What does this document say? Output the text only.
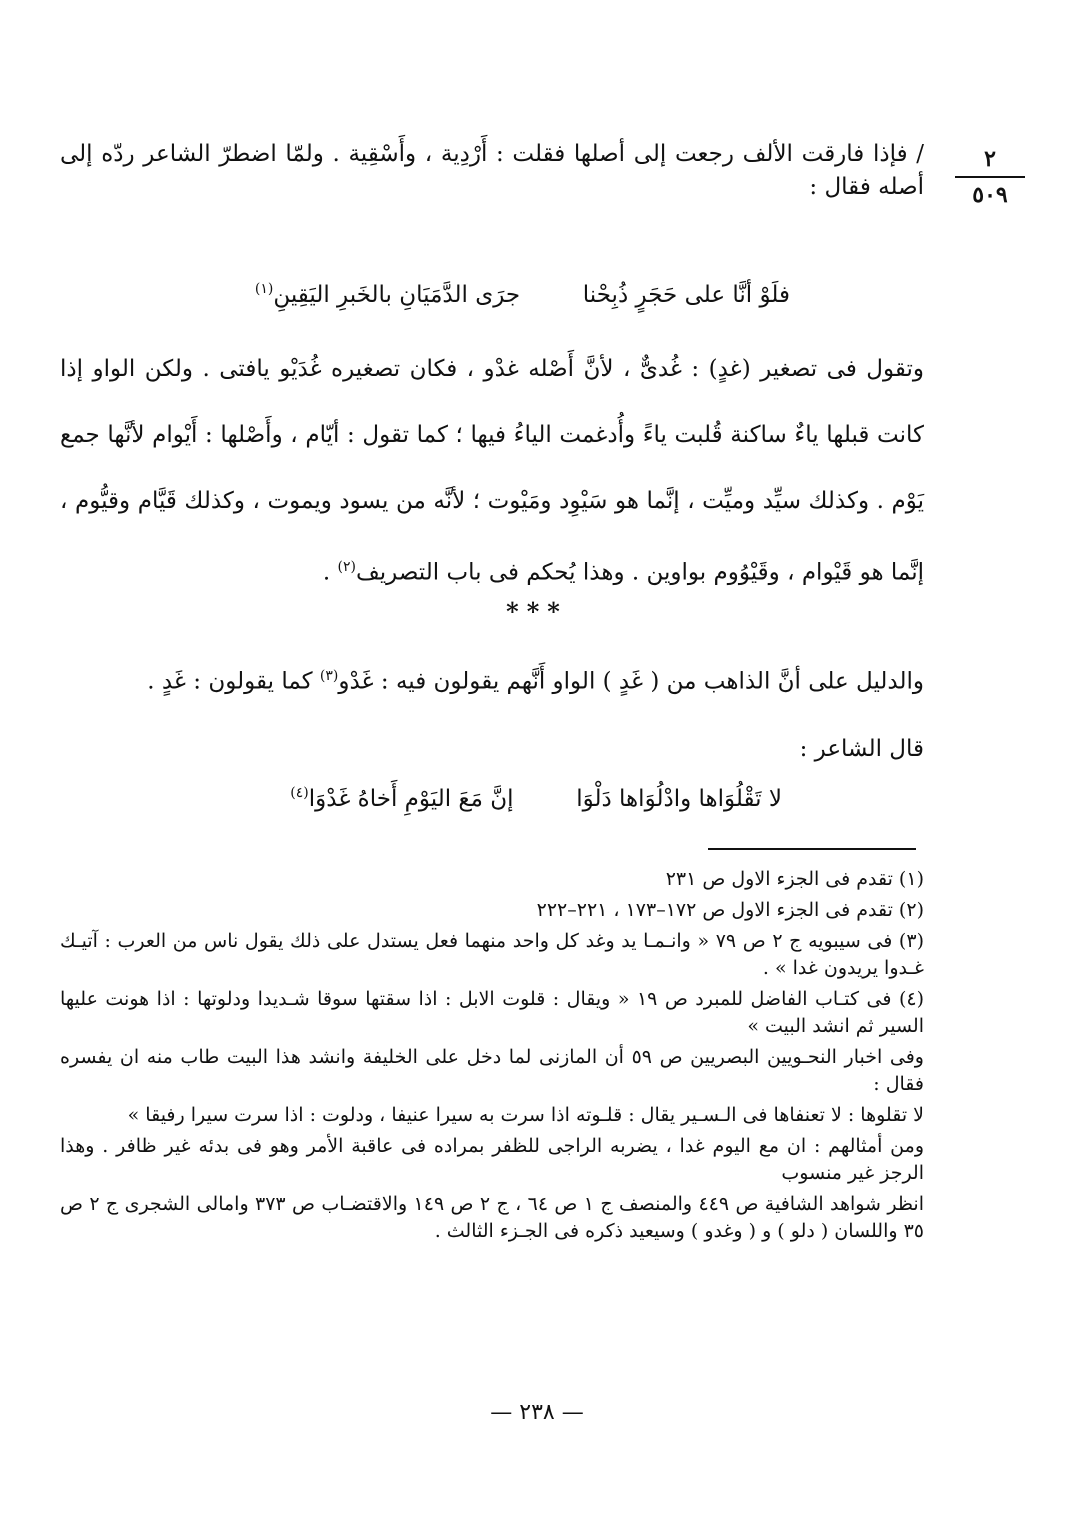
٢
٥٠٩

/ فإذا فارقت الألف رجعت إلى أصلها فقلت : أَرْدِية ، وأَسْقِية . ولمّا اضطرّ الشاعر ردّه إلى أصله فقال :

فلَوْ أنَّا على حَجَرٍ ذُبِحْنا  جرَى الدَّمَيَانِ بالخَبرِ اليَقِينِ$^{(١)}$

وتقول فى تصغير (غدٍ) : غُدىٌّ ، لأنَّ أَصْله غدْو ، فكان تصغيره غُدَيْو يافتى . ولكن الواو إذا كانت قبلها ياءٌ ساكنة قُلبت ياءً وأُدغمت الياءُ فيها ؛ كما تقول : أيّام ، وأَصْلها : أَيْوام لأنَّها جمع يَوْم . وكذلك سيِّد وميِّت ، إنَّما هو سَيْوِد ومَيْوت ؛ لأنَّه من يسود ويموت ، وكذلك قَيَّام وقيُّوم ، إنَّما هو قَيْوام ، وقَيْوُوم بواوين . وهذا يُحكم فى باب التصريف$^{(٢)}$ .

***

والدليل على أنَّ الذاهب من ( غَدٍ ) الواو أَنَّهم يقولون فيه : غَدْو$^{(٣)}$ كما يقولون : غَدٍ .

قال الشاعر :

لا تَقْلُوَاها وادْلُوَاها دَلْوَا  إنَّ مَعَ اليَوْمِ أَخاهُ غَدْوَا$^{(٤)}$

(١) تقدم فى الجزء الاول ص ٢٣١

(٢) تقدم فى الجزء الاول ص ١٧٢–١٧٣ ، ٢٢١–٢٢٢

(٣) فى سيبويه ج ٢ ص ٧٩ « وانـمـا يد وغد كل واحد منهما فعل يستدل على ذلك يقول ناس من العرب : آتيـك غـدوا يريدون غدا » .

(٤) فى كتـاب الفاضل للمبرد ص ١٩ « ويقال : قلوت الابل : اذا سقتها سوقا شـديدا ودلوتها : اذا هونت عليها السير ثم انشد البيت »

وفى اخبار النحـويين البصريين ص ٥٩ أن المازنى لما دخل على الخليفة وانشد هذا البيت طاب منه ان يفسره فقال :

لا تقلوها : لا تعنفاها فى الـسـير يقال : قلـوته اذا سرت به سيرا عنيفا ، ودلوت : اذا سرت سيرا رفيقا »

ومن أمثالهم : ان مع اليوم غدا ، يضربه الراجى للظفر بمراده فى عاقبة الأمر وهو فى بدئه غير ظافر . وهذا الرجز غير منسوب

انظر شواهد الشافية ص ٤٤٩ والمنصف ج ١ ص ٦٤ ، ج ٢ ص ١٤٩ والاقتضـاب ص ٣٧٣ وامالى الشجرى ج ٢ ص ٣٥ واللسان ( دلو ) و ( وغدو ) وسيعيد ذكره فى الجـزء الثالث .

— ٢٣٨ —
